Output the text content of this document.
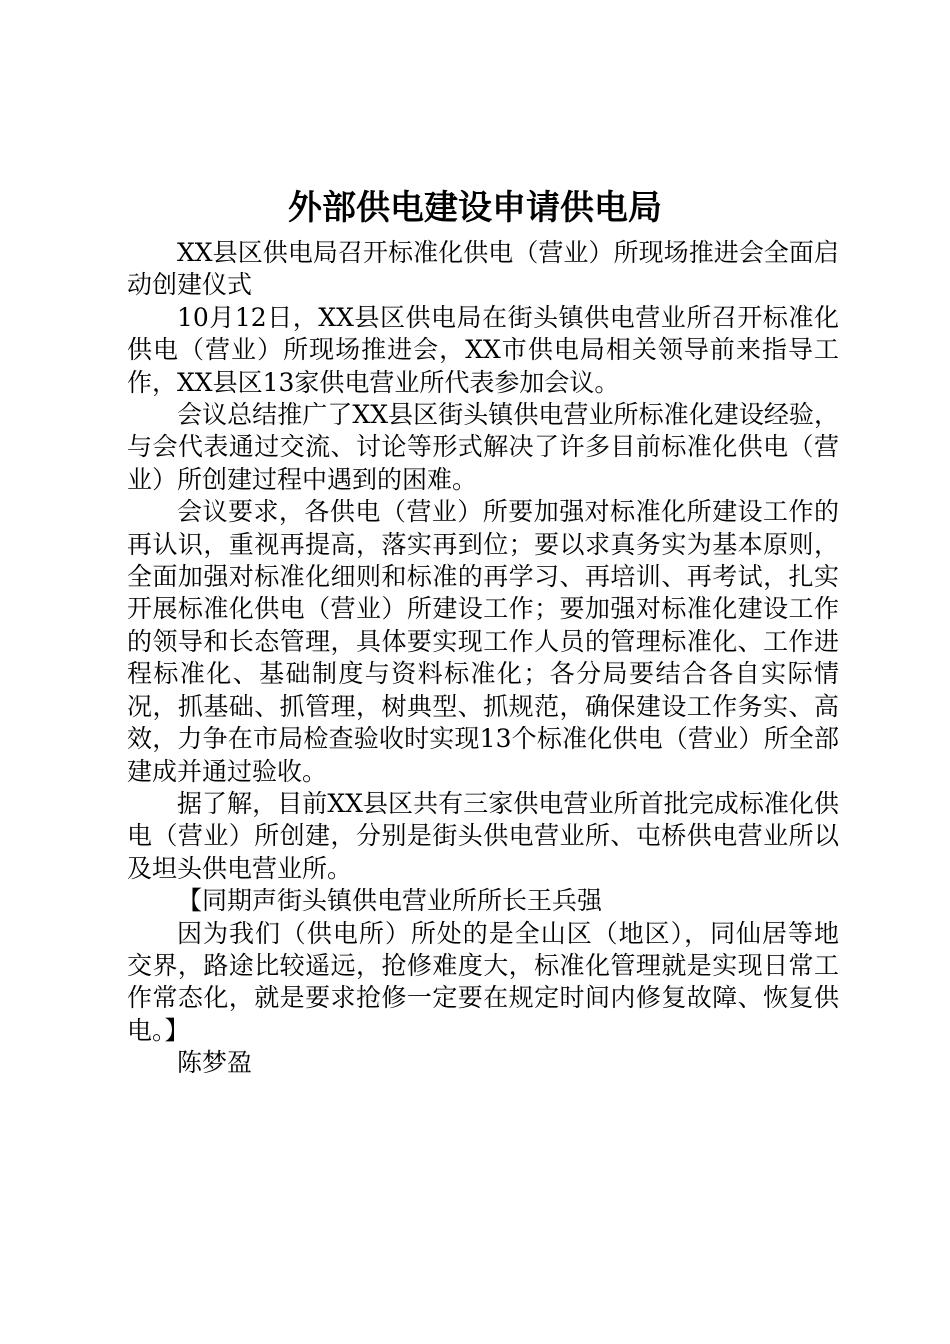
外部供电建设申请供电局

XX县区供电局召开标准化供电（营业）所现场推进会全面启动创建仪式

10月12日，XX县区供电局在街头镇供电营业所召开标准化供电（营业）所现场推进会，XX市供电局相关领导前来指导工作，XX县区13家供电营业所代表参加会议。

会议总结推广了XX县区街头镇供电营业所标准化建设经验，与会代表通过交流、讨论等形式解决了许多目前标准化供电（营业）所创建过程中遇到的困难。

会议要求，各供电（营业）所要加强对标准化所建设工作的再认识，重视再提高，落实再到位；要以求真务实为基本原则，全面加强对标准化细则和标准的再学习、再培训、再考试，扎实开展标准化供电（营业）所建设工作；要加强对标准化建设工作的领导和长态管理，具体要实现工作人员的管理标准化、工作进程标准化、基础制度与资料标准化；各分局要结合各自实际情况，抓基础、抓管理，树典型、抓规范，确保建设工作务实、高效，力争在市局检查验收时实现13个标准化供电（营业）所全部建成并通过验收。

据了解，目前XX县区共有三家供电营业所首批完成标准化供电（营业）所创建，分别是街头供电营业所、屯桥供电营业所以及坦头供电营业所。

【同期声街头镇供电营业所所长王兵强

因为我们（供电所）所处的是全山区（地区），同仙居等地交界，路途比较遥远，抢修难度大，标准化管理就是实现日常工作常态化，就是要求抢修一定要在规定时间内修复故障、恢复供电。】

陈梦盈
